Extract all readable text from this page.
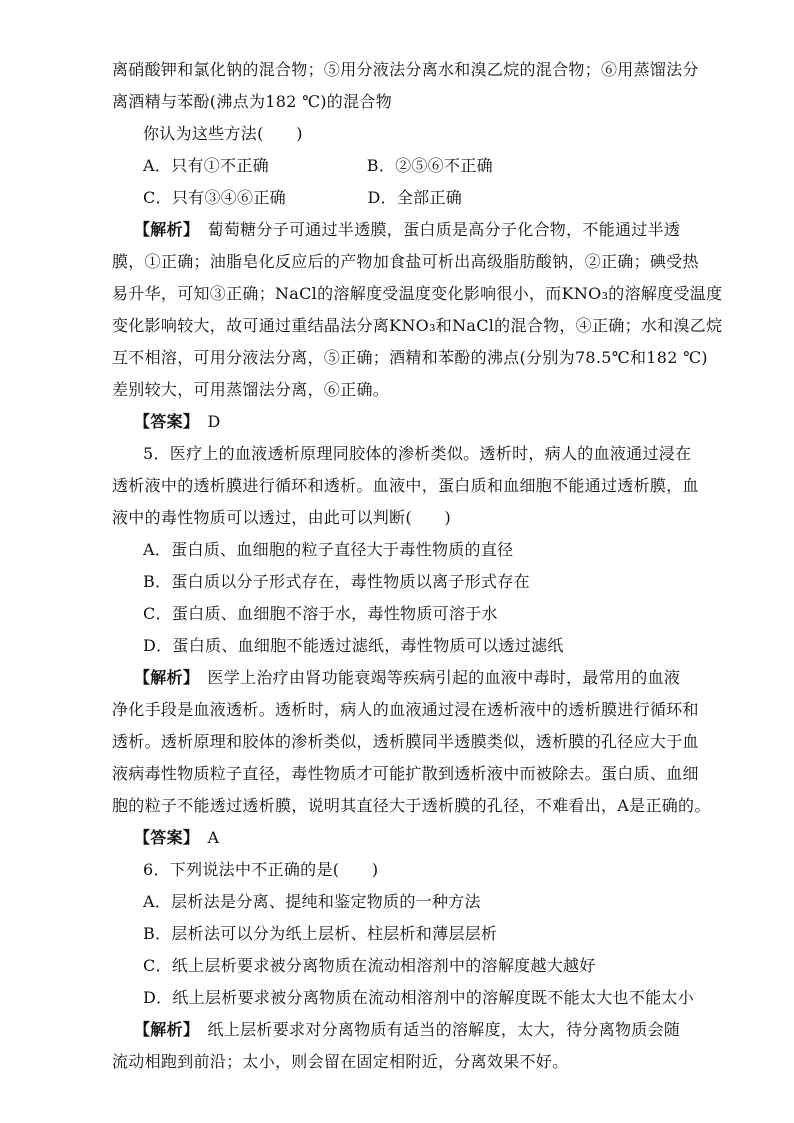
离硝酸钾和氯化钠的混合物；⑤用分液法分离水和溴乙烷的混合物；⑥用蒸馏法分
离酒精与苯酚(沸点为182 ℃)的混合物
你认为这些方法(　　)
A．只有①不正确　　　　　　B．②⑤⑥不正确
C．只有③④⑥正确　　　　　D．全部正确
【解析】　蔔萄糖分子可通过半透膜，蛋白质是高分子化合物，不能通过半透
膜，①正确；油脂皂化反应后的产物加食盐可析出高级脂肪酸钠，②正确；碘受热
易升华，可知③正确；NaCl的溶解度受温度变化影响很小，而KNO₃的溶解度受温度
变化影响较大，故可通过重结晶法分离KNO₃和NaCl的混合物，④正确；水和溴乙烷
互不相溶，可用分液法分离，⑤正确；酒精和苯酚的沸点(分别为78.5℃和182 ℃)
差别较大，可用蒸馏法分离，⑥正确。
【答案】　D
5．医疗上的血液透析原理同胶体的渗析类似。透析时，病人的血液通过浸在
透析液中的透析膜进行循环和透析。血液中，蛋白质和血细胞不能通过透析膜，血
液中的毒性物质可以透过，由此可以判断(　　)
A．蛋白质、血细胞的粒子直径大于毒性物质的直径
B．蛋白质以分子形式存在，毒性物质以离子形式存在
C．蛋白质、血细胞不溶于水，毒性物质可溶于水
D．蛋白质、血细胞不能透过滤纸，毒性物质可以透过滤纸
【解析】　医学上治疗由肾功能衰竭等疾病引起的血液中毒时，最常用的血液
净化手段是血液透析。透析时，病人的血液通过浸在透析液中的透析膜进行循环和
透析。透析原理和胶体的渗析类似，透析膜同半透膜类似，透析膜的孔径应大于血
液病毒性物质粒子直径，毒性物质才可能扩散到透析液中而被除去。蛋白质、血细
胞的粒子不能透过透析膜，说明其直径大于透析膜的孔径，不难看出，A是正确的。
【答案】　A
6．下列说法中不正确的是(　　)
A．层析法是分离、提纯和鉴定物质的一种方法
B．层析法可以分为纸上层析、柱层析和薄层层析
C．纸上层析要求被分离物质在流动相溶剂中的溶解度越大越好
D．纸上层析要求被分离物质在流动相溶剂中的溶解度既不能太大也不能太小
【解析】　纸上层析要求对分离物质有适当的溶解度，太大，待分离物质会随
流动相跑到前沿；太小，则会留在固定相附近，分离效果不好。
